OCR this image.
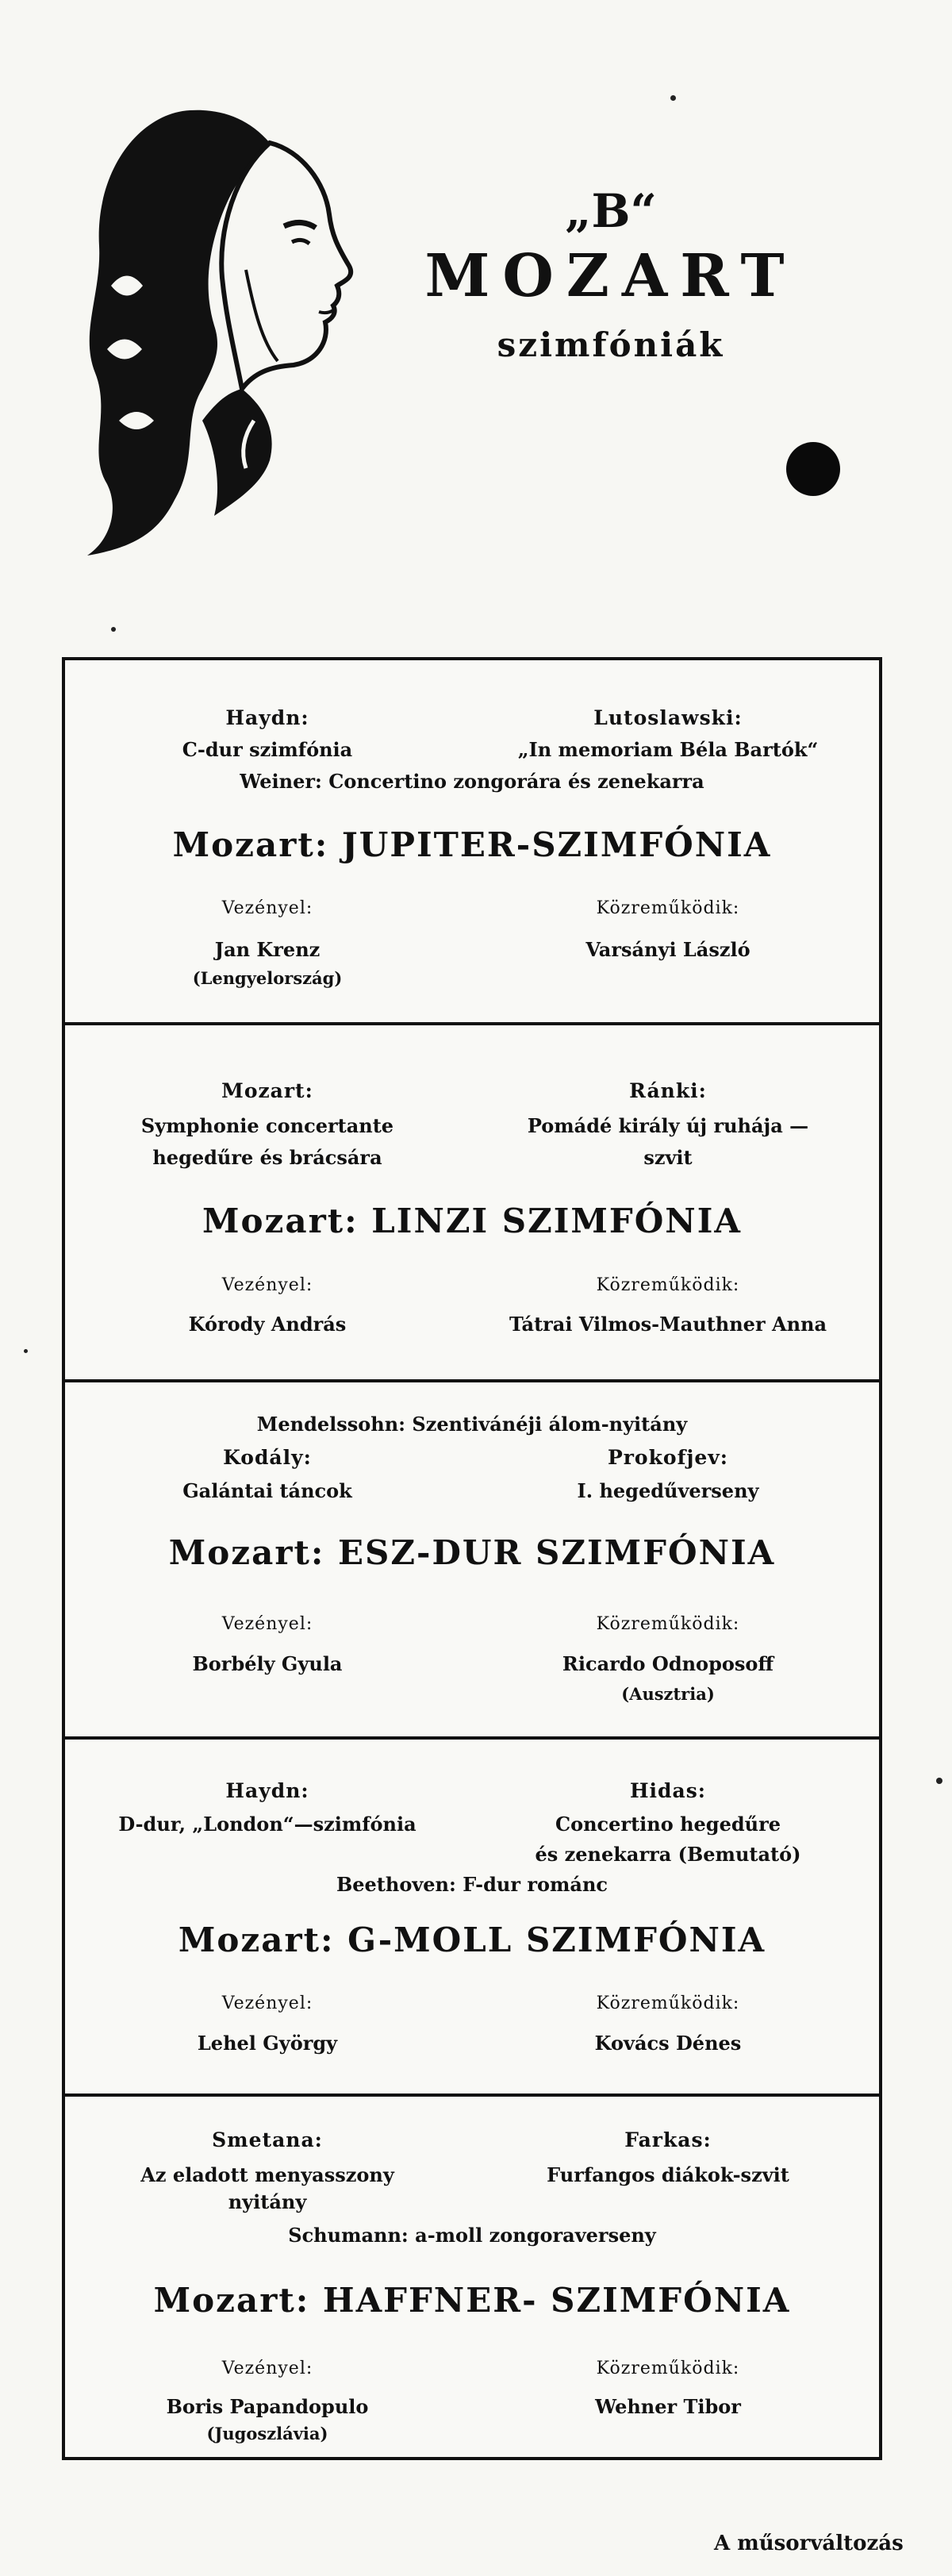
„B“
MOZART
szimfóniák
Haydn:	Lutoslawski:
C-dur szimfónia	„In memoriam Béla Bartók“
Weiner: Concertino zongorára és zenekarra
Mozart: JUPITER-SZIMFÓNIA
Vezényel:	Közreműködik:
Jan Krenz	Varsányi László
(Lengyelország)
Mozart:	Ránki:
Symphonie concertante	Pomádé király új ruhája —
hegedűre és brácsára	szvit
Mozart: LINZI SZIMFÓNIA
Vezényel:	Közreműködik:
Kórody András	Tátrai Vilmos-Mauthner Anna
Mendelssohn: Szentivánéji álom-nyitány
Kodály:	Prokofjev:
Galántai táncok	I. hegedűverseny
Mozart: ESZ-DUR SZIMFÓNIA
Vezényel:	Közreműködik:
Borbély Gyula	Ricardo Odnoposoff
(Ausztria)
Haydn:	Hidas:
D-dur, „London“—szimfónia	Concertino hegedűre
és zenekarra (Bemutató)
Beethoven: F-dur románc
Mozart: G-MOLL SZIMFÓNIA
Vezényel:	Közreműködik:
Lehel György	Kovács Dénes
Smetana:	Farkas:
Az eladott menyasszony	Furfangos diákok-szvit
nyitány
Schumann: a-moll zongoraverseny
Mozart: HAFFNER- SZIMFÓNIA
Vezényel:	Közreműködik:
Boris Papandopulo	Wehner Tibor
(Jugoszlávia)
A műsorváltozás
